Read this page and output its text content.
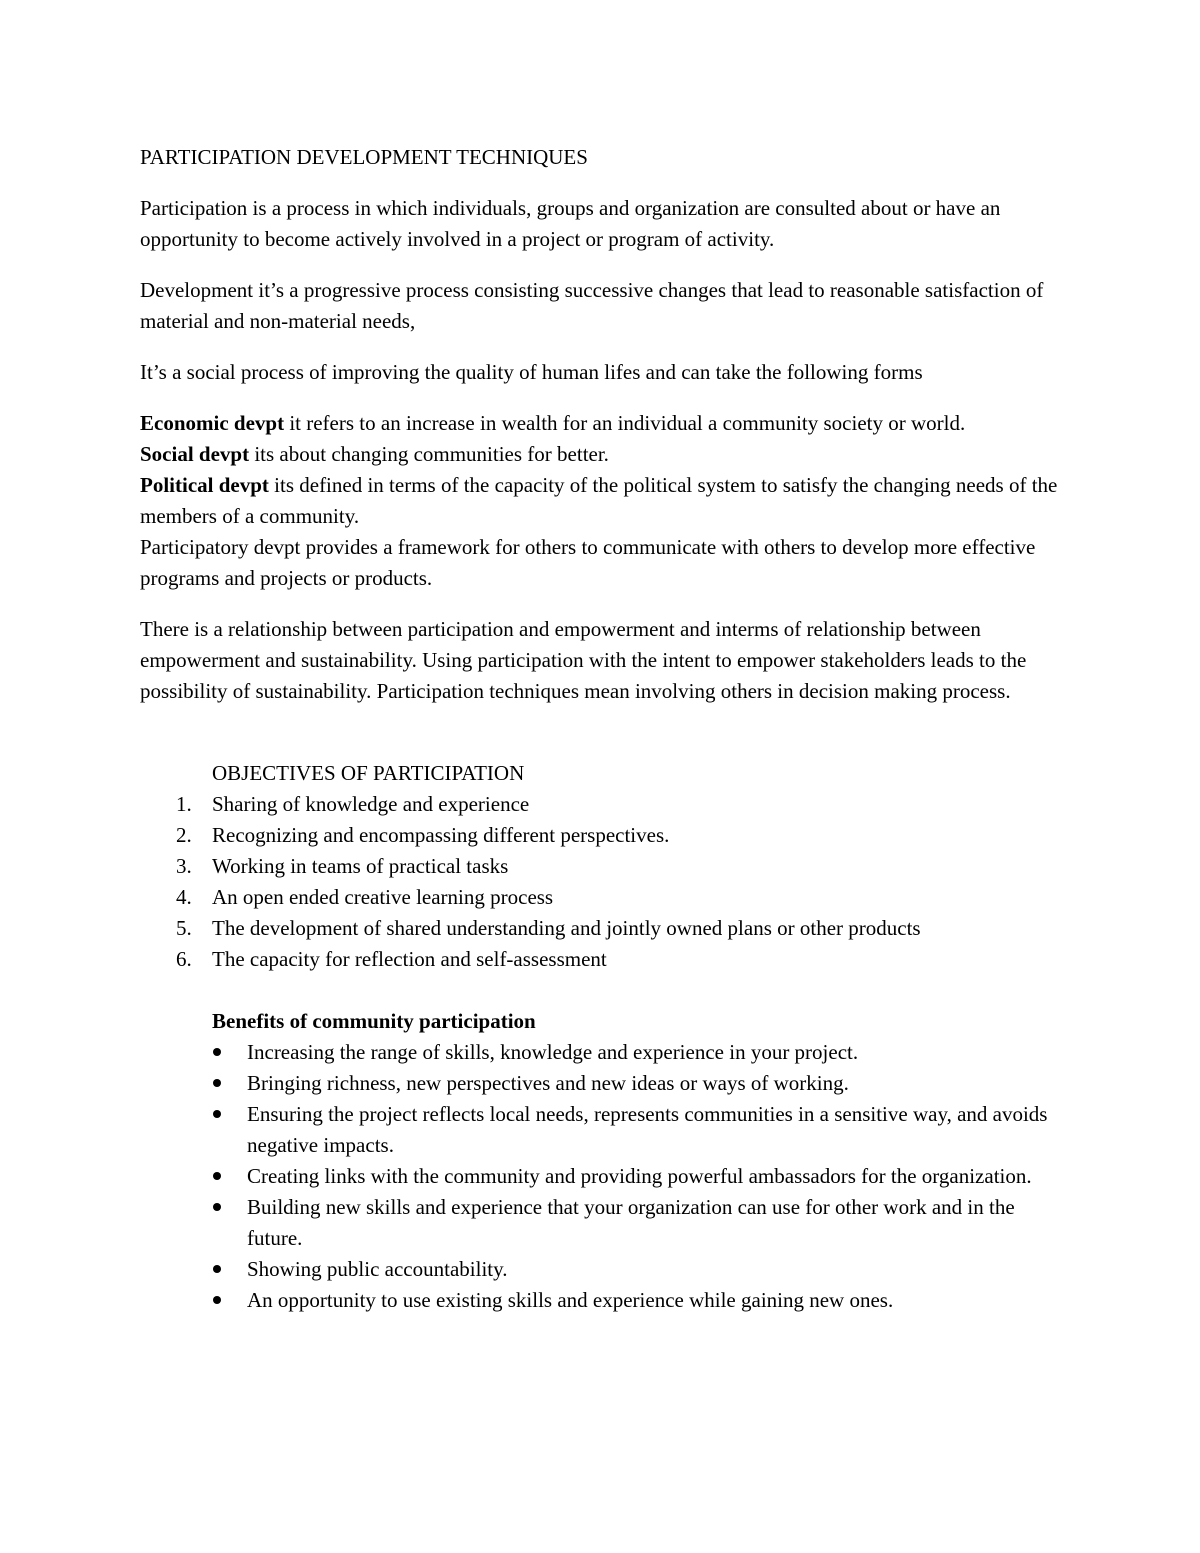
PARTICIPATION DEVELOPMENT TECHNIQUES

Participation is a process in which individuals, groups and organization are consulted about or have an opportunity to become actively involved in a project or program of activity.

Development it’s a progressive process consisting successive changes that lead to reasonable satisfaction of material and non-material needs,

It’s a social process of improving the quality of human lifes and can take the following forms

Economic devpt it refers to an increase in wealth for an individual a community society or world.

Social devpt its about changing communities for better.

Political devpt its defined in terms of the capacity of the political system to satisfy the changing needs of the members of a community.

Participatory devpt provides a framework for others to communicate with others to develop more effective programs and projects or products.

There is a relationship between participation and empowerment and interms of relationship between empowerment and sustainability. Using participation with the intent to empower stakeholders leads to the possibility of sustainability. Participation techniques mean involving others in decision making process.

OBJECTIVES OF PARTICIPATION

1. Sharing of knowledge and experience
2. Recognizing and encompassing different perspectives.
3. Working in teams of practical tasks
4. An open ended creative learning process
5. The development of shared understanding and jointly owned plans or other products
6. The capacity for reflection and self-assessment

Benefits of community participation

Increasing the range of skills, knowledge and experience in your project.
Bringing richness, new perspectives and new ideas or ways of working.
Ensuring the project reflects local needs, represents communities in a sensitive way, and avoids negative impacts.
Creating links with the community and providing powerful ambassadors for the organization.
Building new skills and experience that your organization can use for other work and in the future.
Showing public accountability.
An opportunity to use existing skills and experience while gaining new ones.
